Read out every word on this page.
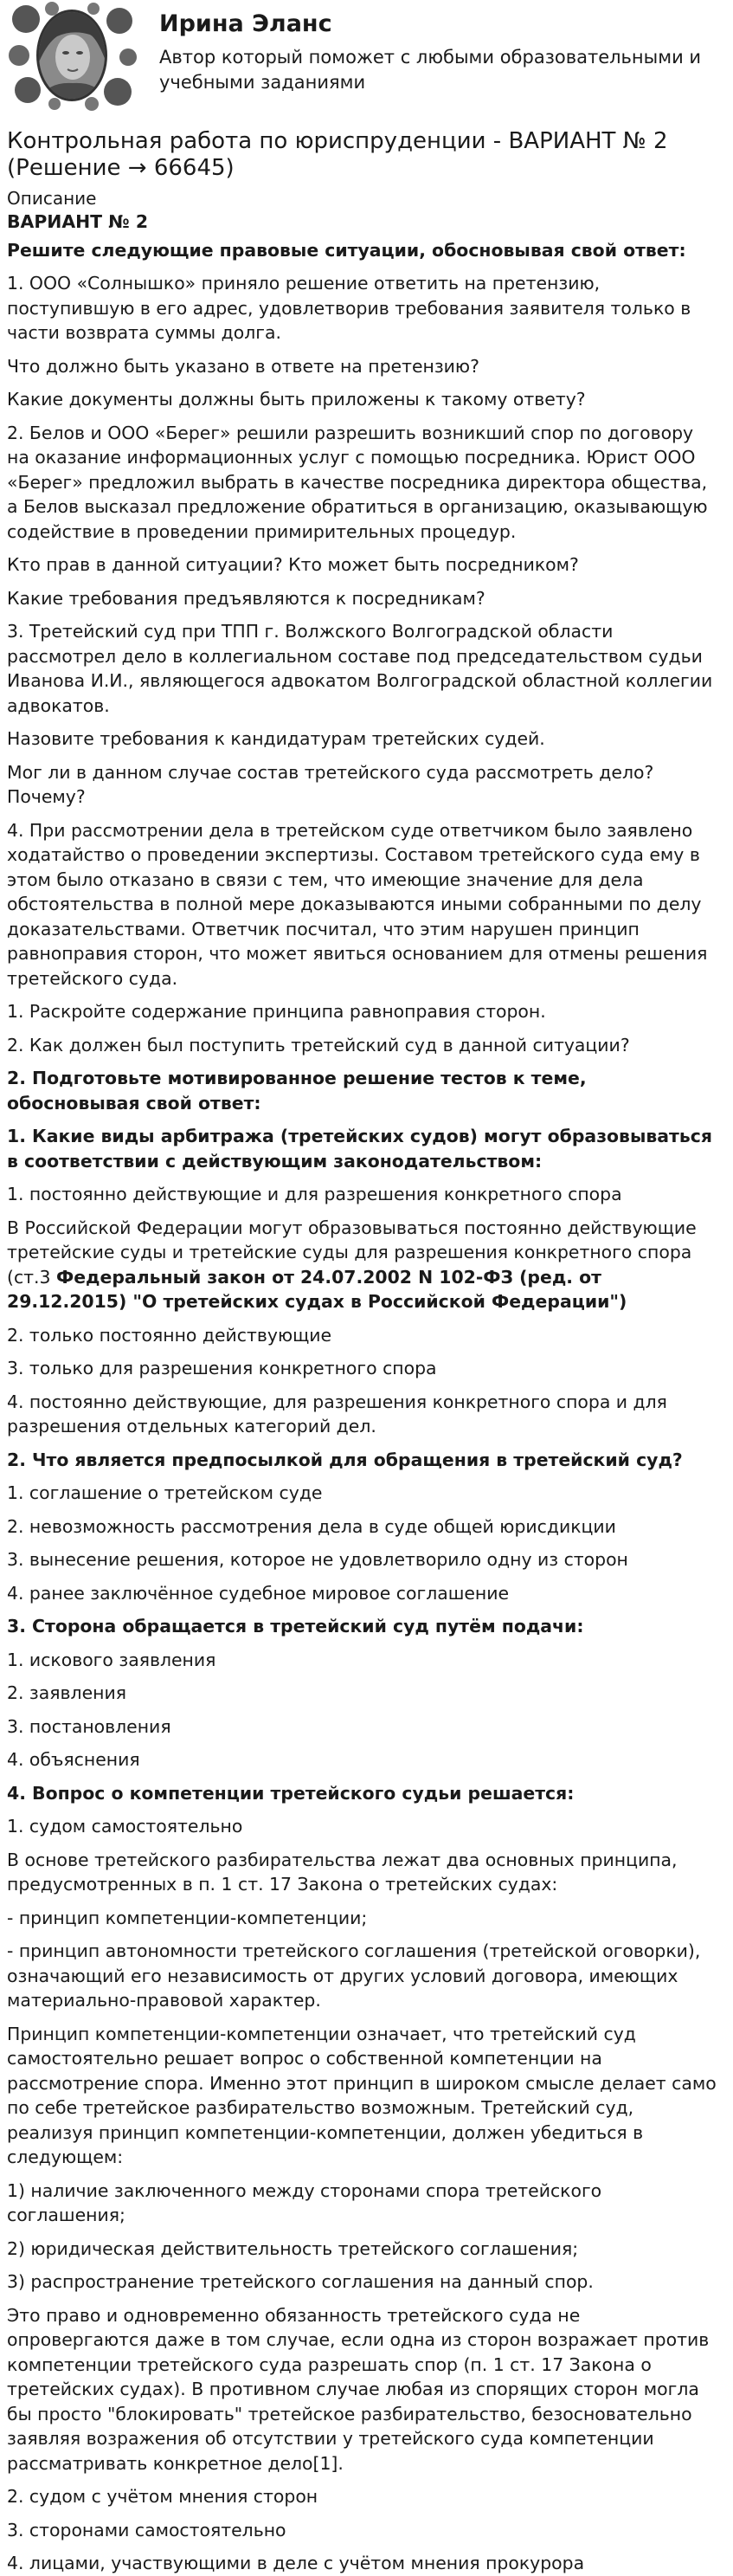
Ирина Эланс
Автор который поможет с любыми образовательными и учебными заданиями
Контрольная работа по юриспруденции - ВАРИАНТ № 2 (Решение → 66645)
Описание

ВАРИАНТ № 2

Решите следующие правовые ситуации, обосновывая свой ответ:

1. ООО «Солнышко» приняло решение ответить на претензию, поступившую в его адрес, удовлетворив требования заявителя только в части возврата суммы долга.

Что должно быть указано в ответе на претензию?

Какие документы должны быть приложены к такому ответу?

2. Белов и ООО «Берег» решили разрешить возникший спор по договору на оказание информационных услуг с помощью посредника. Юрист ООО «Берег» предложил выбрать в качестве посредника директора общества, а Белов высказал предложение обратиться в организацию, оказывающую содействие в проведении примирительных процедур.

Кто прав в данной ситуации? Кто может быть посредником?

Какие требования предъявляются к посредникам?

3. Третейский суд при ТПП г. Волжского Волгоградской области рассмотрел дело в коллегиальном составе под председательством судьи Иванова И.И., являющегося адвокатом Волгоградской областной коллегии адвокатов.

Назовите требования к кандидатурам третейских судей.

Мог ли в данном случае состав третейского суда рассмотреть дело? Почему?

4. При рассмотрении дела в третейском суде ответчиком было заявлено ходатайство о проведении экспертизы. Составом третейского суда ему в этом было отказано в связи с тем, что имеющие значение для дела обстоятельства в полной мере доказываются иными собранными по делу доказательствами. Ответчик посчитал, что этим нарушен принцип равноправия сторон, что может явиться основанием для отмены решения третейского суда.

1. Раскройте содержание принципа равноправия сторон.

2. Как должен был поступить третейский суд в данной ситуации?

2. Подготовьте мотивированное решение тестов к теме, обосновывая свой ответ:

1. Какие виды арбитража (третейских судов) могут образовываться в соответствии с действующим законодательством:

1. постоянно действующие и для разрешения конкретного спора

В Российской Федерации могут образовываться постоянно действующие третейские суды и третейские суды для разрешения конкретного спора (ст.3 Федеральный закон от 24.07.2002 N 102-ФЗ (ред. от 29.12.2015) "О третейских судах в Российской Федерации")

2. только постоянно действующие

3. только для разрешения конкретного спора

4. постоянно действующие, для разрешения конкретного спора и для разрешения отдельных категорий дел.

2. Что является предпосылкой для обращения в третейский суд?

1. соглашение о третейском суде

2. невозможность рассмотрения дела в суде общей юрисдикции

3. вынесение решения, которое не удовлетворило одну из сторон

4. ранее заключённое судебное мировое соглашение

3. Сторона обращается в третейский суд путём подачи:

1. искового заявления

2. заявления

3. постановления

4. объяснения

4. Вопрос о компетенции третейского судьи решается:

1. судом самостоятельно

В основе третейского разбирательства лежат два основных принципа, предусмотренных в п. 1 ст. 17 Закона о третейских судах:

- принцип компетенции-компетенции;

- принцип автономности третейского соглашения (третейской оговорки), означающий его независимость от других условий договора, имеющих материально-правовой характер.

Принцип компетенции-компетенции означает, что третейский суд самостоятельно решает вопрос о собственной компетенции на рассмотрение спора. Именно этот принцип в широком смысле делает само по себе третейское разбирательство возможным. Третейский суд, реализуя принцип компетенции-компетенции, должен убедиться в следующем:

1) наличие заключенного между сторонами спора третейского соглашения;

2) юридическая действительность третейского соглашения;

3) распространение третейского соглашения на данный спор.

Это право и одновременно обязанность третейского суда не опровергаются даже в том случае, если одна из сторон возражает против компетенции третейского суда разрешать спор (п. 1 ст. 17 Закона о третейских судах). В противном случае любая из спорящих сторон могла бы просто "блокировать" третейское разбирательство, безосновательно заявляя возражения об отсутствии у третейского суда компетенции рассматривать конкретное дело[1].

2. судом с учётом мнения сторон

3. сторонами самостоятельно

4. лицами, участвующими в деле с учётом мнения прокурора
